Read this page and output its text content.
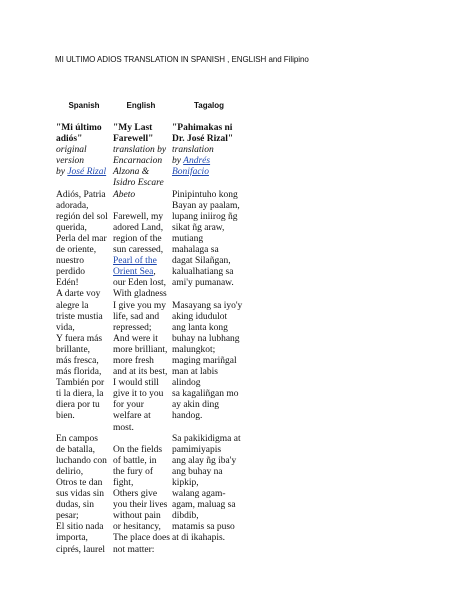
MI ULTIMO ADIOS TRANSLATION IN SPANISH , ENGLISH and Filipino
Spanish	English	Tagalog
"Mi último
adiós"
original
version
by José Rizal
Adiós, Patria
adorada,
región del sol
querida,
Perla del mar
de oriente,
nuestro
perdido
Edén!
A darte voy
alegre la
triste mustia
vida,
Y fuera más
brillante,
más fresca,
más florida,
También por
ti la diera, la
diera por tu
bien.
En campos
de batalla,
luchando con
delirio,
Otros te dan
sus vidas sin
dudas, sin
pesar;
El sitio nada
importa,
ciprés, laurel
"My Last
Farewell"
translation by
Encarnacion
Alzona &
Isidro Escare
Abeto
Farewell, my
adored Land,
region of the
sun caressed,
Pearl of the
Orient Sea,
our Eden lost,
With gladness
I give you my
life, sad and
repressed;
And were it
more brilliant,
more fresh
and at its best,
I would still
give it to you
for your
welfare at
most.
On the fields
of battle, in
the fury of
fight,
Others give
you their lives
without pain
or hesitancy,
The place does
not matter:
"Pahimakas ni
Dr. José Rizal"
translation
by Andrés
Bonifacio
Pinipintuho kong
Bayan ay paalam,
lupang iniirog ñg
sikat ñg araw,
mutiang
mahalaga sa
dagat Silañgan,
kalualhatiang sa
ami'y pumanaw.
Masayang sa iyo'y
aking idudulot
ang lanta kong
buhay na lubhang
malungkot;
maging mariñgal
man at labis
alindog
sa kagaliñgan mo
ay akin ding
handog.
Sa pakikidigma at
pamimiyapis
ang alay ñg iba'y
ang buhay na
kipkip,
walang agam-
agam, maluag sa
dibdib,
matamis sa puso
at di ikahapis.
